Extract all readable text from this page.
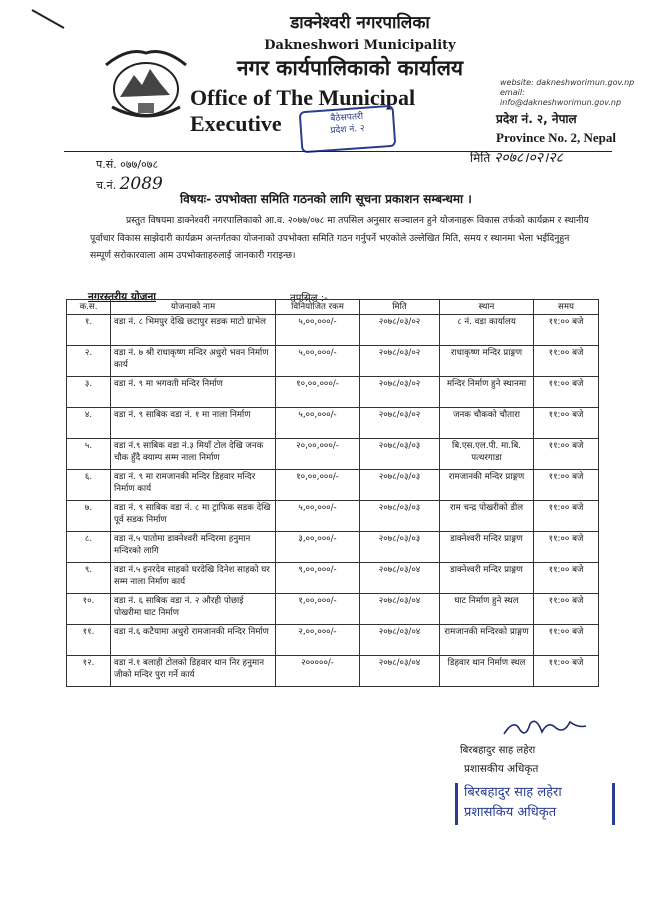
डाक्नेश्वरी नगरपालिका
Dakneshwori Municipality
नगर कार्यपालिकाको कार्यालय
Office of The Municipal Executive
website: dakneshworimun.gov.np
email: info@dakneshworimun.gov.np
प्रदेश नं. २, नेपाल
Province No. 2, Nepal
बैठेसपतरी
प्रदेश नं. २
प.सं. ०७७/०७८
च.नं. 2089
मिति २०७८।०२।२८
विषयः- उपभोक्ता समिति गठनको लागि सूचना प्रकाशन सम्बन्धमा ।
प्रस्तुत विषयमा डाक्नेश्वरी नगरपालिकाको आ.व. २०७७/०७८ मा तपसिल अनुसार सञ्चालन हुने योजनाहरू विकास तर्फको कार्यक्रम र स्थानीय पूर्वाधार विकास साझेदारी कार्यक्रम अन्तर्गतका योजनाको उपभोक्ता समिति गठन गर्नुपर्ने भएकोले उल्लेखित मिति, समय र स्थानमा भेला भईदिनुहुन सम्पूर्ण सरोकारवाला आम उपभोक्ताहरुलाई जानकारी गराइन्छ।
नगरस्तरीय योजना	तपसिल :-
क.स.	योजनाको नाम	विनियोजित रकम	मिति	स्थान	समय
१.	वडा नं. ८ भिमपुर देखि छटापुर सडक माटो ग्राभेल	५,००,०००/-	२०७८/०३/०२	८ नं. वडा कार्यालय	११:०० बजे
२.	वडा नं. ७ श्री राधाकृष्ण मन्दिर अधुरो भवन निर्माण कार्य	५,००,०००/-	२०७८/०३/०२	राधाकृष्ण मन्दिर प्राङ्गण	११:०० बजे
३.	वडा नं. ९ मा भगवती मन्दिर निर्माण	१०,००,०००/-	२०७८/०३/०२	मन्दिर निर्माण हुने स्थानमा	११:०० बजे
४.	वडा नं. ९ साबिक वडा नं. १ मा नाला निर्माण	५,००,०००/-	२०७८/०३/०२	जनक चौकको चौतारा	११:०० बजे
५.	वडा नं.९ साबिक वडा नं.३ मियाँ टोल देखि जनक चौक हुँदै क्याम्प सम्म नाला निर्माण	२०,००,०००/-	२०७८/०३/०३	बि.एस.एल.पी. मा.बि. पत्थरगाडा	११:०० बजे
६.	वडा नं. ९ मा रामजानकी मन्दिर डिहवार मन्दिर निर्माण कार्य	१०,००,०००/-	२०७८/०३/०३	रामजानकी मन्दिर प्राङ्गण	११:०० बजे
७.	वडा नं. ९ साबिक वडा नं. ८ मा ट्राफिक सडक देखि पूर्व सडक निर्माण	५,००,०००/-	२०७८/०३/०३	राम चन्द्र पोखरीको डील	११:०० बजे
८.	वडा नं.५ पातोमा डाक्नेश्वरी मन्दिरमा हनुमान मन्दिरको लागि	३,००,०००/-	२०७८/०३/०३	डाक्नेश्वरी मन्दिर प्राङ्गण	११:०० बजे
९.	वडा नं.५ इनरदेव साहको घरदेखि दिनेश साहको घर सम्म नाला निर्माण कार्य	९,००,०००/-	२०७८/०३/०४	डाक्नेश्वरी मन्दिर प्राङ्गण	११:०० बजे
१०.	वडा नं. ६ साबिक वडा नं. २ औरही पोछाई पोखरीमा घाट निर्माण	१,००,०००/-	२०७८/०३/०४	घाट निर्माण हुने स्थल	११:०० बजे
११.	वडा नं.६ कटैयामा अधुरो रामजानकी मन्दिर निर्माण	२,००,०००/-	२०७८/०३/०४	रामजानकी मन्दिरको प्राङ्गण	११:०० बजे
१२.	वडा नं.१ बलाही टोलको डिहवार थान निर हनुमान जीको मन्दिर पुरा गर्ने कार्य	२०००००/-	२०७८/०३/०४	डिहवार थान निर्माण स्थल	११:०० बजे
बिरबहादुर साह लहेरा
प्रशासकीय अधिकृत
बिरबहादुर साह लहेरा
प्रशासकिय अधिकृत
